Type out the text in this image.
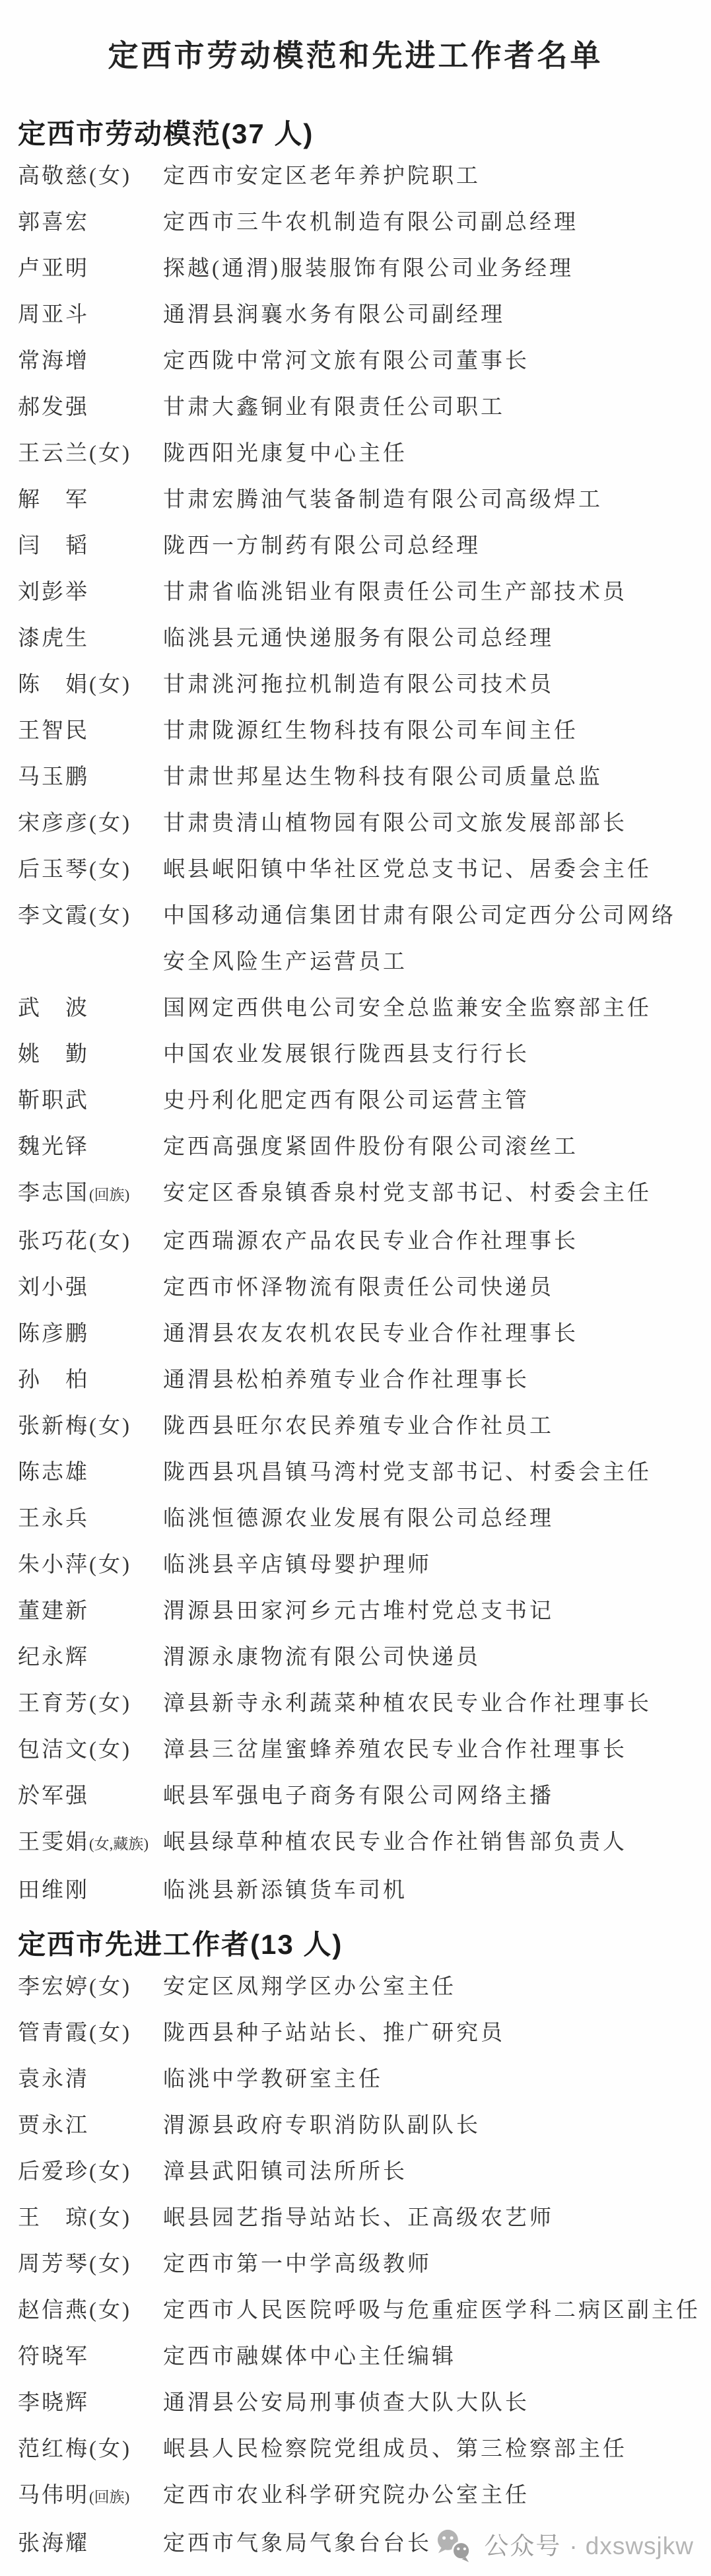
定西市劳动模范和先进工作者名单
定西市劳动模范(37 人)
高敬慈(女)	定西市安定区老年养护院职工
郭喜宏	定西市三牛农机制造有限公司副总经理
卢亚明	探越(通渭)服装服饰有限公司业务经理
周亚斗	通渭县润襄水务有限公司副经理
常海增	定西陇中常河文旅有限公司董事长
郝发强	甘肃大鑫铜业有限责任公司职工
王云兰(女)	陇西阳光康复中心主任
解　军	甘肃宏腾油气装备制造有限公司高级焊工
闫　韬	陇西一方制药有限公司总经理
刘彭举	甘肃省临洮铝业有限责任公司生产部技术员
漆虎生	临洮县元通快递服务有限公司总经理
陈　娟(女)	甘肃洮河拖拉机制造有限公司技术员
王智民	甘肃陇源红生物科技有限公司车间主任
马玉鹏	甘肃世邦星达生物科技有限公司质量总监
宋彦彦(女)	甘肃贵清山植物园有限公司文旅发展部部长
后玉琴(女)	岷县岷阳镇中华社区党总支书记、居委会主任
李文霞(女)	中国移动通信集团甘肃有限公司定西分公司网络
安全风险生产运营员工
武　波	国网定西供电公司安全总监兼安全监察部主任
姚　勤	中国农业发展银行陇西县支行行长
靳职武	史丹利化肥定西有限公司运营主管
魏光铎	定西高强度紧固件股份有限公司滚丝工
李志国(回族)	安定区香泉镇香泉村党支部书记、村委会主任
张巧花(女)	定西瑞源农产品农民专业合作社理事长
刘小强	定西市怀泽物流有限责任公司快递员
陈彦鹏	通渭县农友农机农民专业合作社理事长
孙　柏	通渭县松柏养殖专业合作社理事长
张新梅(女)	陇西县旺尔农民养殖专业合作社员工
陈志雄	陇西县巩昌镇马湾村党支部书记、村委会主任
王永兵	临洮恒德源农业发展有限公司总经理
朱小萍(女)	临洮县辛店镇母婴护理师
董建新	渭源县田家河乡元古堆村党总支书记
纪永辉	渭源永康物流有限公司快递员
王育芳(女)	漳县新寺永利蔬菜种植农民专业合作社理事长
包洁文(女)	漳县三岔崖蜜蜂养殖农民专业合作社理事长
於军强	岷县军强电子商务有限公司网络主播
王雯娟(女,藏族) 岷县绿草种植农民专业合作社销售部负责人
田维刚	临洮县新添镇货车司机
定西市先进工作者(13 人)
李宏婷(女)	安定区凤翔学区办公室主任
管青霞(女)	陇西县种子站站长、推广研究员
袁永清	临洮中学教研室主任
贾永江	渭源县政府专职消防队副队长
后爱珍(女)	漳县武阳镇司法所所长
王　琼(女)	岷县园艺指导站站长、正高级农艺师
周芳琴(女)	定西市第一中学高级教师
赵信燕(女)	定西市人民医院呼吸与危重症医学科二病区副主任
符晓军	定西市融媒体中心主任编辑
李晓辉	通渭县公安局刑事侦查大队大队长
范红梅(女)	岷县人民检察院党组成员、第三检察部主任
马伟明(回族)	定西市农业科学研究院办公室主任
张海耀	定西市气象局气象台台长	公众号 · dxswsjkw
